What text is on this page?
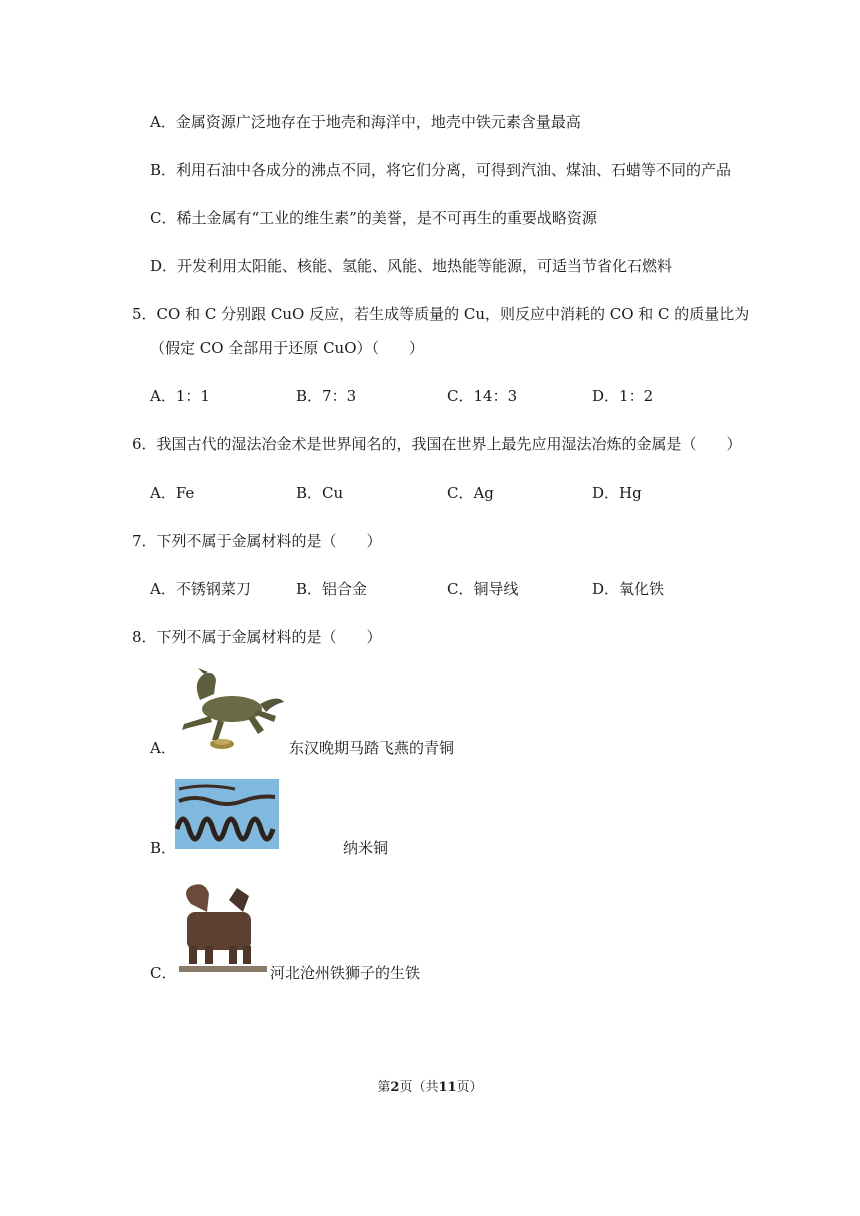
A．金属资源广泛地存在于地壳和海洋中，地壳中铁元素含量最高
B．利用石油中各成分的沸点不同，将它们分离，可得到汽油、煤油、石蜡等不同的产品
C．稀土金属有“工业的维生素”的美誉，是不可再生的重要战略资源
D．开发利用太阳能、核能、氢能、风能、地热能等能源，可适当节省化石燃料
5．CO 和 C 分别跟 CuO 反应，若生成等质量的 Cu，则反应中消耗的 CO 和 C 的质量比为
（假定 CO 全部用于还原 CuO）（　　）
A．1：1	B．7：3	C．14：3	D．1：2
6．我国古代的湿法冶金术是世界闻名的，我国在世界上最先应用湿法冶炼的金属是（　　）
A．Fe	B．Cu	C．Ag	D．Hg
7．下列不属于金属材料的是（　　）
A．不锈钢菜刀	B．铝合金	C．铜导线	D．氧化铁
8．下列不属于金属材料的是（　　）
A．	东汉晚期马踏飞燕的青铜
B．	纳米铜
C．	河北沧州铁狮子的生铁
第2页（共11页）
